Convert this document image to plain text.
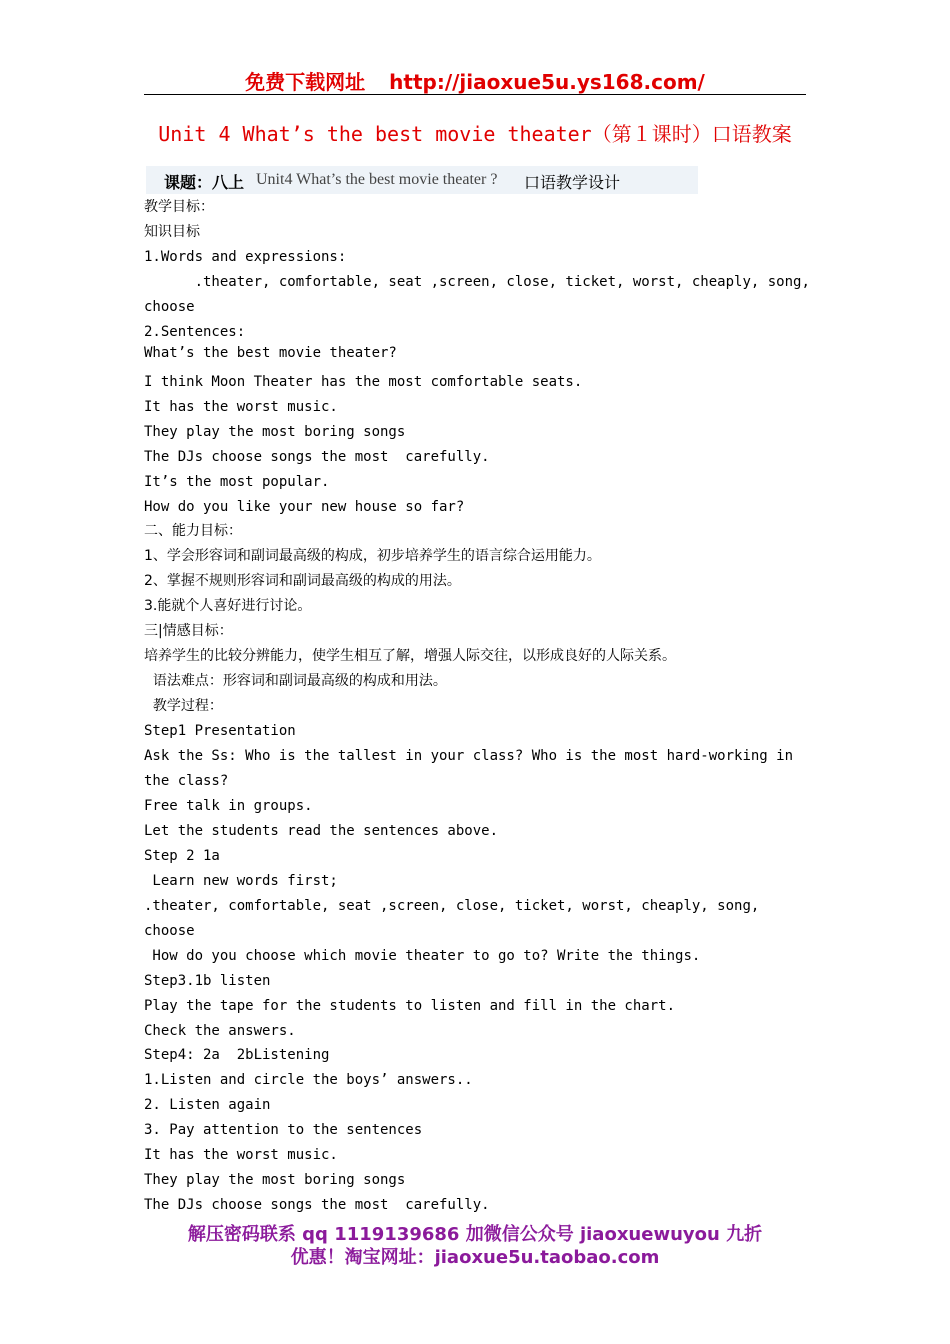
免费下载网址 http://jiaoxue5u.ys168.com/
Unit 4 What’s the best movie theater（第１课时）口语教案
课题：八上 Unit4 What’s the best movie theater ? 口语教学设计
教学目标：
知识目标
1.Words and expressions:
.theater, comfortable, seat ,screen, close, ticket, worst, cheaply, song,
choose
2.Sentences:
What’s the best movie theater?
I think Moon Theater has the most comfortable seats.
It has the worst music.
They play the most boring songs
The DJs choose songs the most  carefully.
It’s the most popular.
How do you like your new house so far?
二、能力目标：
1、学会形容词和副词最高级的构成，初步培养学生的语言综合运用能力。
2、掌握不规则形容词和副词最高级的构成的用法。
3.能就个人喜好进行讨论。
三|情感目标：
培养学生的比较分辨能力，使学生相互了解，增强人际交往，以形成良好的人际关系。
语法难点：形容词和副词最高级的构成和用法。
教学过程：
Step1 Presentation
Ask the Ss: Who is the tallest in your class? Who is the most hard-working in
the class?
Free talk in groups.
Let the students read the sentences above.
Step 2 1a
Learn new words first;
.theater, comfortable, seat ,screen, close, ticket, worst, cheaply, song,
choose
How do you choose which movie theater to go to? Write the things.
Step3.1b listen
Play the tape for the students to listen and fill in the chart.
Check the answers.
Step4: 2a  2bListening
1.Listen and circle the boys’ answers..
2. Listen again
3. Pay attention to the sentences
It has the worst music.
They play the most boring songs
The DJs choose songs the most  carefully.
解压密码联系 qq 1119139686 加微信公众号 jiaoxuewuyou 九折
优惠！淘宝网址：jiaoxue5u.taobao.com
